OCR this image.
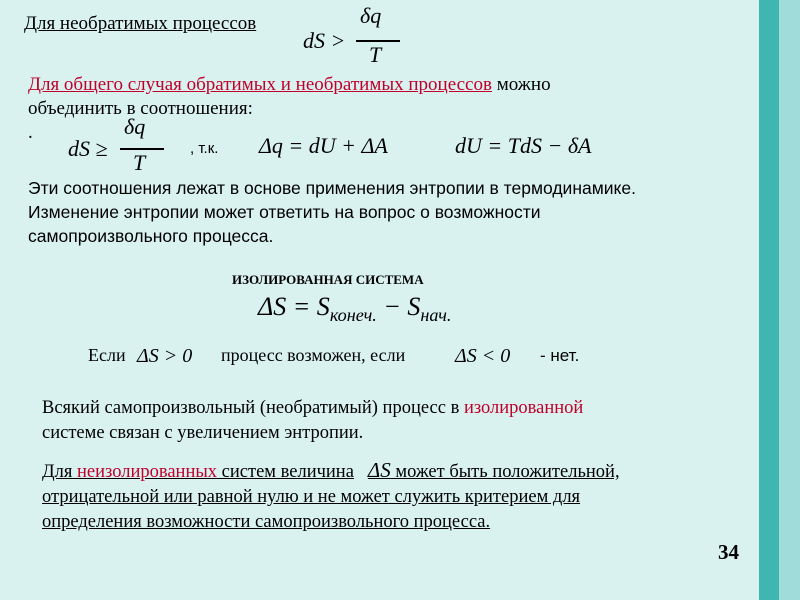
Для необратимых процессов
dS >
δq
T
Для общего случая обратимых и необратимых процессов можно
объединить в соотношения:
.
dS ≥
δq
T
, т.к. Δq = dU + ΔA	dU = TdS − δA
Эти соотношения лежат в основе применения энтропии в термодинамике.
Изменение энтропии может ответить на вопрос о возможности
самопроизвольного процесса.
ИЗОЛИРОВАННАЯ СИСТЕМА
$\Delta S = S_{конеч.} - S_{нач.}$
Если ΔS > 0 процесс возможен, если ΔS < 0 - нет.
Всякий самопроизвольный (необратимый) процесс в изолированной
системе связан с увеличением энтропии.
Для неизолированных систем величина ΔS может быть положительной,
отрицательной или равной нулю и не может служить критерием для
определения возможности самопроизвольного процесса.
34
